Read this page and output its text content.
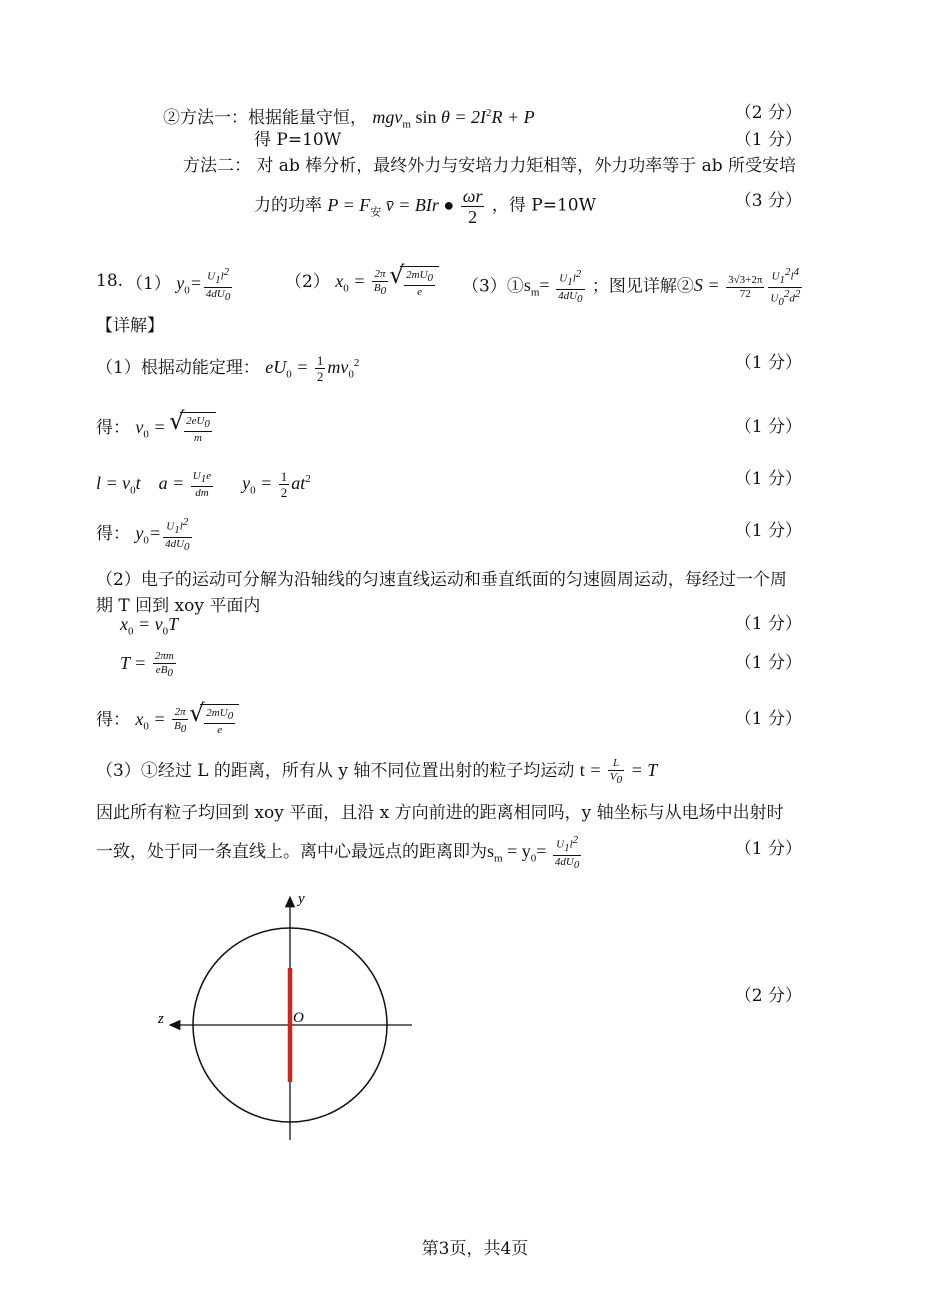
②方法一：根据能量守恒， mgv$_m$ $\sin \theta = 2I^2R + P$	（2 分）
得 P=10W	（1 分）
方法二： 对 ab 棒分析，最终外力与安培力力矩相等，外力功率等于 ab 所受安培
力的功率 $P = F_安$ v̄ = BIr ● $\frac{\omega r}{2}$ ，得 P=10W	（3 分）
18. （1） $y_0= \frac{U_1l^2}{4dU_0}$	（2） $x_0 = \frac{2\pi}{B_0}$ √ $\frac{2mU_0}{e}$ $(3)①s_m= \frac{U_1l^2}{4dU_0}$ ；图见详解②S = $\frac{3√3+2\pi}{72} \frac{U_1^2l^4}{U_0^2d^2}$
【详解】
（1）根据动能定理： $eU_0 = \frac{1}{2} mv_0^2$	（1 分）
得： $v_0$ = √ $\frac{2eU_0}{m}$	（1 分）
$l = v_0t$    $a = \frac{U_1e}{dm} y_0 = \frac{1}{2} at^2$	（1 分）
得： $y_0= \frac{U_1l^2}{4dU_0}$	（1 分）
（2）电子的运动可分解为沿轴线的匀速直线运动和垂直纸面的匀速圆周运动，每经过一个周
期 T 回到 xoy 平面内
$x_0 = v_0T$	（1 分）
$T = \frac{2\pi m}{eB_0}$	（1 分）
得： $x_0 = \frac{2\pi}{B_0}$ √ $\frac{2mU_0}{e}$	（1 分）
（3）①经过 L 的距离，所有从 y 轴不同位置出射的粒子均运动 $t = \frac{L}{V_0} = T$
因此所有粒子均回到 xoy 平面，且沿 x 方向前进的距离相同吗，y 轴坐标与从电场中出射时
一致，处于同一条直线上。离中心最远点的距离即为$s_m = y_0= \frac{U_1l^2}{4dU_0}$	（1 分）
y
z	O
（2 分）
第3页，共4页
